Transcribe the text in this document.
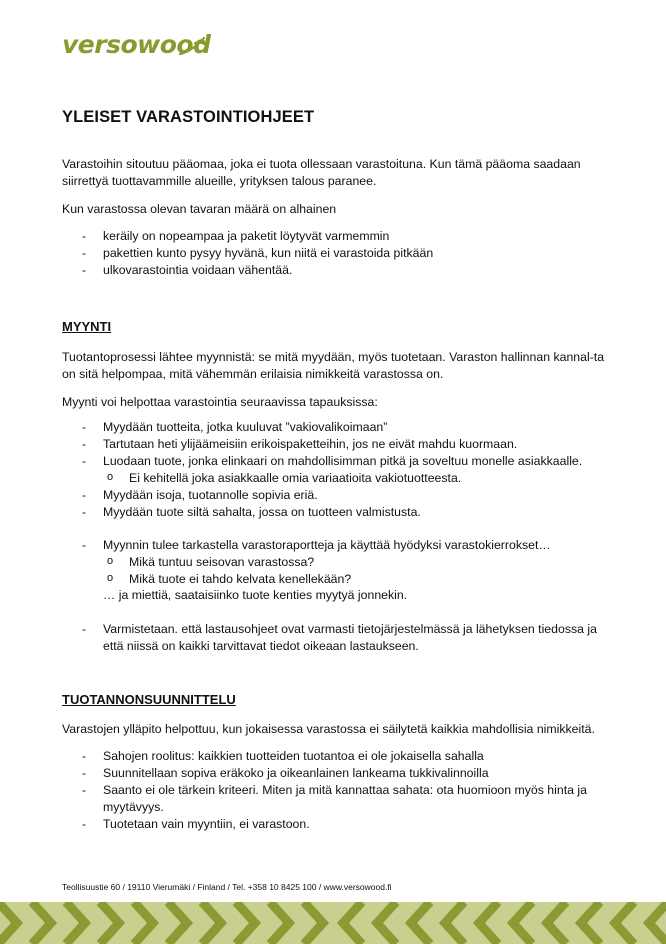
versowood
YLEISET VARASTOINTIOHJEET

Varastoihin sitoutuu pääomaa, joka ei tuota ollessaan varastoituna. Kun tämä pääoma saadaan siirrettyä tuottavammille alueille, yrityksen talous paranee.

Kun varastossa olevan tavaran määrä on alhainen

- keräily on nopeampaa ja paketit löytyvät varmemmin
- pakettien kunto pysyy hyvänä, kun niitä ei varastoida pitkään
- ulkovarastointia voidaan vähentää.
MYYNTI

Tuotantoprosessi lähtee myynnistä: se mitä myydään, myös tuotetaan. Varaston hallinnan kannal-ta on sitä helpompaa, mitä vähemmän erilaisia nimikkeitä varastossa on.

Myynti voi helpottaa varastointia seuraavissa tapauksissa:

- Myydään tuotteita, jotka kuuluvat ”vakiovalikoimaan”
- Tartutaan heti ylijäämeisiin erikoispaketteihin, jos ne eivät mahdu kuormaan.
- Luodaan tuote, jonka elinkaari on mahdollisimman pitkä ja soveltuu monelle asiakkaalle.
o Ei kehitellä joka asiakkaalle omia variaatioita vakiotuotteesta.
- Myydään isoja, tuotannolle sopivia eriä.
- Myydään tuote siltä sahalta, jossa on tuotteen valmistusta.
- Myynnin tulee tarkastella varastoraportteja ja käyttää hyödyksi varastokierrokset…
o Mikä tuntuu seisovan varastossa?
o Mikä tuote ei tahdo kelvata kenellekään?

… ja miettiä, saataisiinko tuote kenties myytyä jonnekin.

- Varmistetaan. että lastausohjeet ovat varmasti tietojärjestelmässä ja lähetyksen tiedossa ja että niissä on kaikki tarvittavat tiedot oikeaan lastaukseen.
TUOTANNONSUUNNITTELU

Varastojen ylläpito helpottuu, kun jokaisessa varastossa ei säilytetä kaikkia mahdollisia nimikkeitä.

- Sahojen roolitus: kaikkien tuotteiden tuotantoa ei ole jokaisella sahalla
- Suunnitellaan sopiva eräkoko ja oikeanlainen lankeama tukkivalinnoilla
- Saanto ei ole tärkein kriteeri. Miten ja mitä kannattaa sahata: ota huomioon myös hinta ja myytävyys.
- Tuotetaan vain myyntiin, ei varastoon.

Teollisuustie 60 / 19110 Vierumäki / Finland / Tel. +358 10 8425 100 / www.versowood.fi
